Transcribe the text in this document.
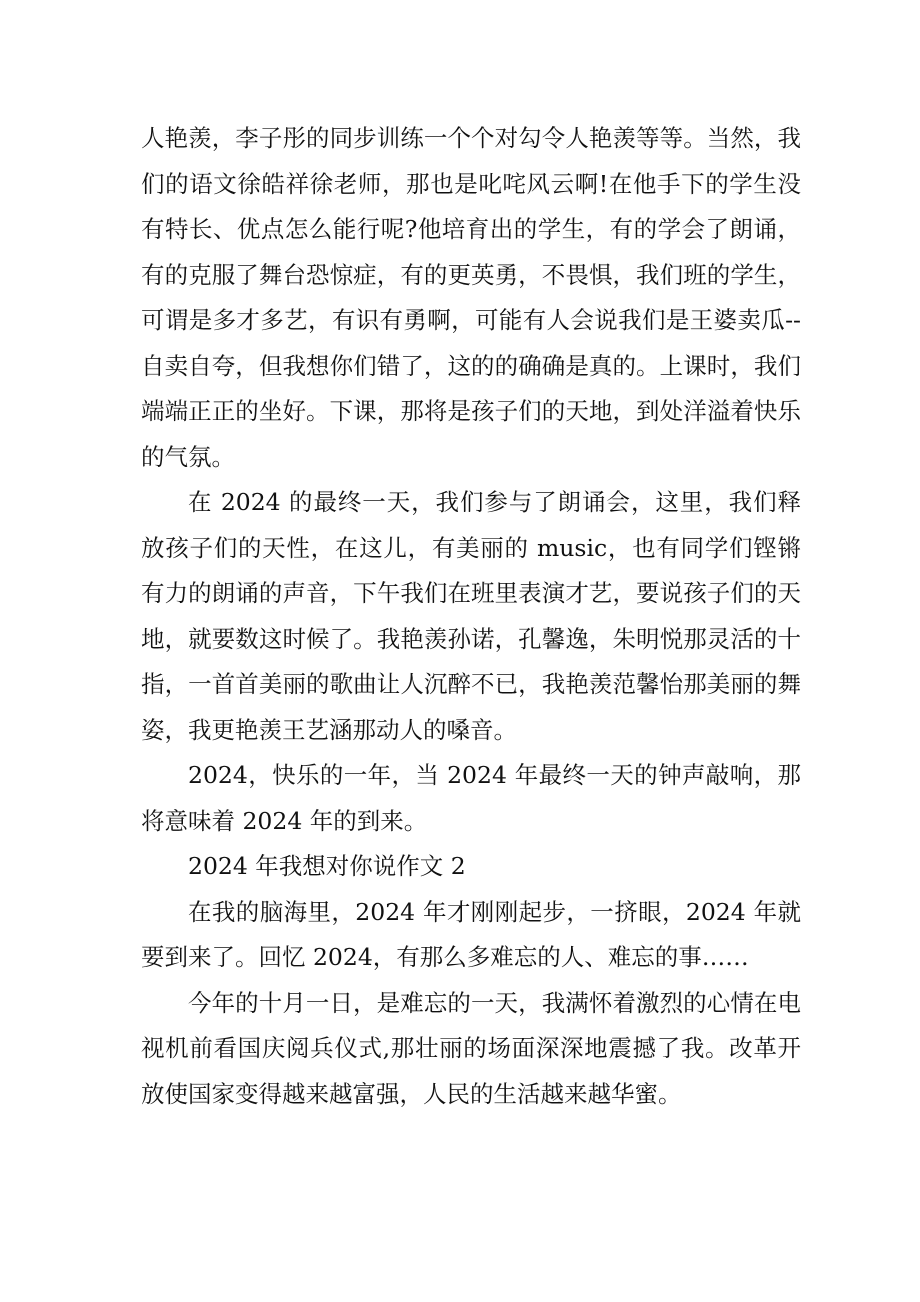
人艳羡，李子彤的同步训练一个个对勾令人艳羡等等。当然，我们的语文徐皓祥徐老师，那也是叱咤风云啊!在他手下的学生没有特长、优点怎么能行呢?他培育出的学生，有的学会了朗诵，有的克服了舞台恐惊症，有的更英勇，不畏惧，我们班的学生，可谓是多才多艺，有识有勇啊，可能有人会说我们是王婆卖瓜--自卖自夸，但我想你们错了，这的的确确是真的。上课时，我们端端正正的坐好。下课，那将是孩子们的天地，到处洋溢着快乐的气氛。

在 2024 的最终一天，我们参与了朗诵会，这里，我们释放孩子们的天性，在这儿，有美丽的 music，也有同学们铿锵有力的朗诵的声音，下午我们在班里表演才艺，要说孩子们的天地，就要数这时候了。我艳羡孙诺，孔馨逸，朱明悦那灵活的十指，一首首美丽的歌曲让人沉醉不已，我艳羡范馨怡那美丽的舞姿，我更艳羡王艺涵那动人的嗓音。

2024，快乐的一年，当 2024 年最终一天的钟声敲响，那将意味着 2024 年的到来。

2024 年我想对你说作文 2

在我的脑海里，2024 年才刚刚起步，一挤眼，2024 年就要到来了。回忆 2024，有那么多难忘的人、难忘的事……

今年的十月一日，是难忘的一天，我满怀着激烈的心情在电视机前看国庆阅兵仪式,那壮丽的场面深深地震撼了我。改革开放使国家变得越来越富强，人民的生活越来越华蜜。
